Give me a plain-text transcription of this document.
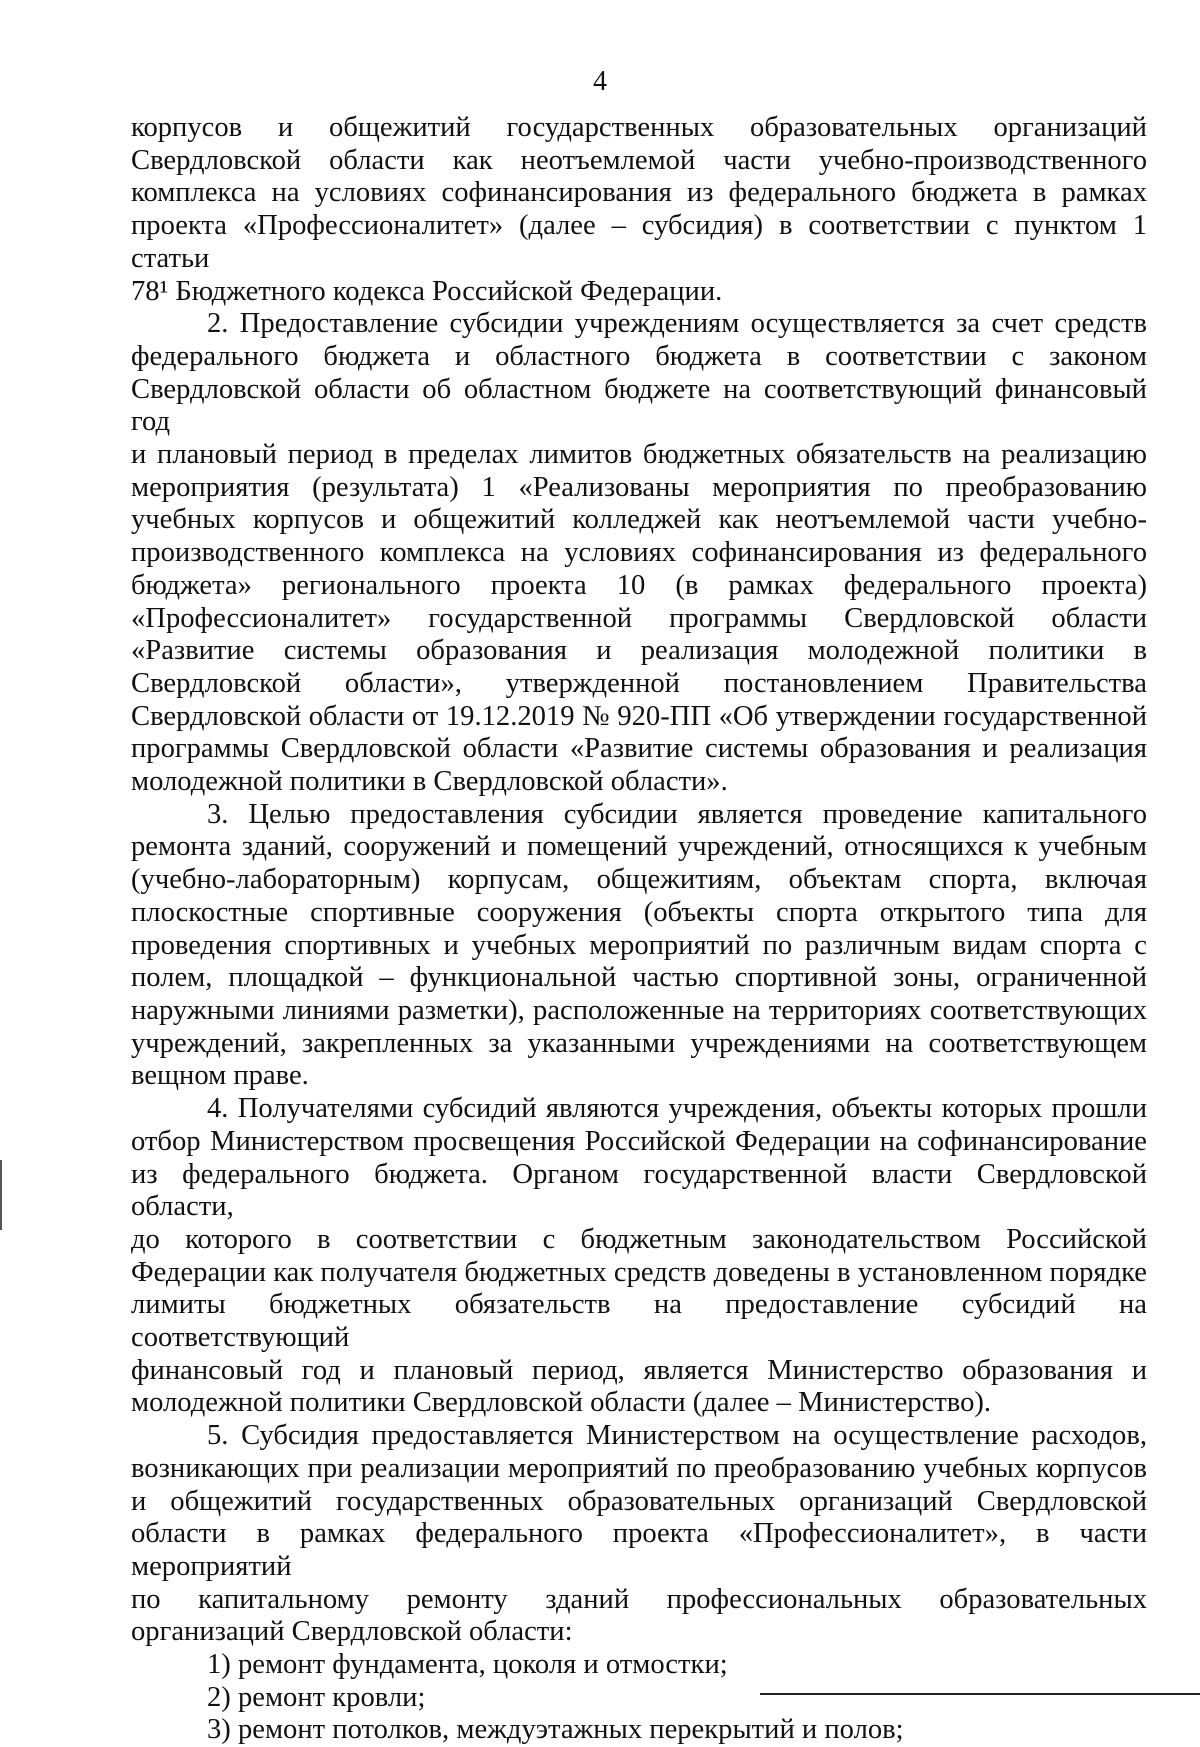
4
корпусов и общежитий государственных образовательных организаций
Свердловской области как неотъемлемой части учебно-производственного
комплекса на условиях софинансирования из федерального бюджета в рамках
проекта «Профессионалитет» (далее – субсидия) в соответствии с пунктом 1 статьи
78¹ Бюджетного кодекса Российской Федерации.
2. Предоставление субсидии учреждениям осуществляется за счет средств
федерального бюджета и областного бюджета в соответствии с законом
Свердловской области об областном бюджете на соответствующий финансовый год
и плановый период в пределах лимитов бюджетных обязательств на реализацию
мероприятия (результата) 1 «Реализованы мероприятия по преобразованию
учебных корпусов и общежитий колледжей как неотъемлемой части учебно-
производственного комплекса на условиях софинансирования из федерального
бюджета» регионального проекта 10 (в рамках федерального проекта)
«Профессионалитет» государственной программы Свердловской области
«Развитие системы образования и реализация молодежной политики в
Свердловской области», утвержденной постановлением Правительства
Свердловской области от 19.12.2019 № 920-ПП «Об утверждении государственной
программы Свердловской области «Развитие системы образования и реализация
молодежной политики в Свердловской области».
3. Целью предоставления субсидии является проведение капитального
ремонта зданий, сооружений и помещений учреждений, относящихся к учебным
(учебно-лабораторным) корпусам, общежитиям, объектам спорта, включая
плоскостные спортивные сооружения (объекты спорта открытого типа для
проведения спортивных и учебных мероприятий по различным видам спорта с
полем, площадкой – функциональной частью спортивной зоны, ограниченной
наружными линиями разметки), расположенные на территориях соответствующих
учреждений, закрепленных за указанными учреждениями на соответствующем
вещном праве.
4. Получателями субсидий являются учреждения, объекты которых прошли
отбор Министерством просвещения Российской Федерации на софинансирование
из федерального бюджета. Органом государственной власти Свердловской области,
до которого в соответствии с бюджетным законодательством Российской
Федерации как получателя бюджетных средств доведены в установленном порядке
лимиты бюджетных обязательств на предоставление субсидий на соответствующий
финансовый год и плановый период, является Министерство образования и
молодежной политики Свердловской области (далее – Министерство).
5. Субсидия предоставляется Министерством на осуществление расходов,
возникающих при реализации мероприятий по преобразованию учебных корпусов
и общежитий государственных образовательных организаций Свердловской
области в рамках федерального проекта «Профессионалитет», в части мероприятий
по капитальному ремонту зданий профессиональных образовательных
организаций Свердловской области:
1) ремонт фундамента, цоколя и отмостки;
2) ремонт кровли;
3) ремонт потолков, междуэтажных перекрытий и полов;
